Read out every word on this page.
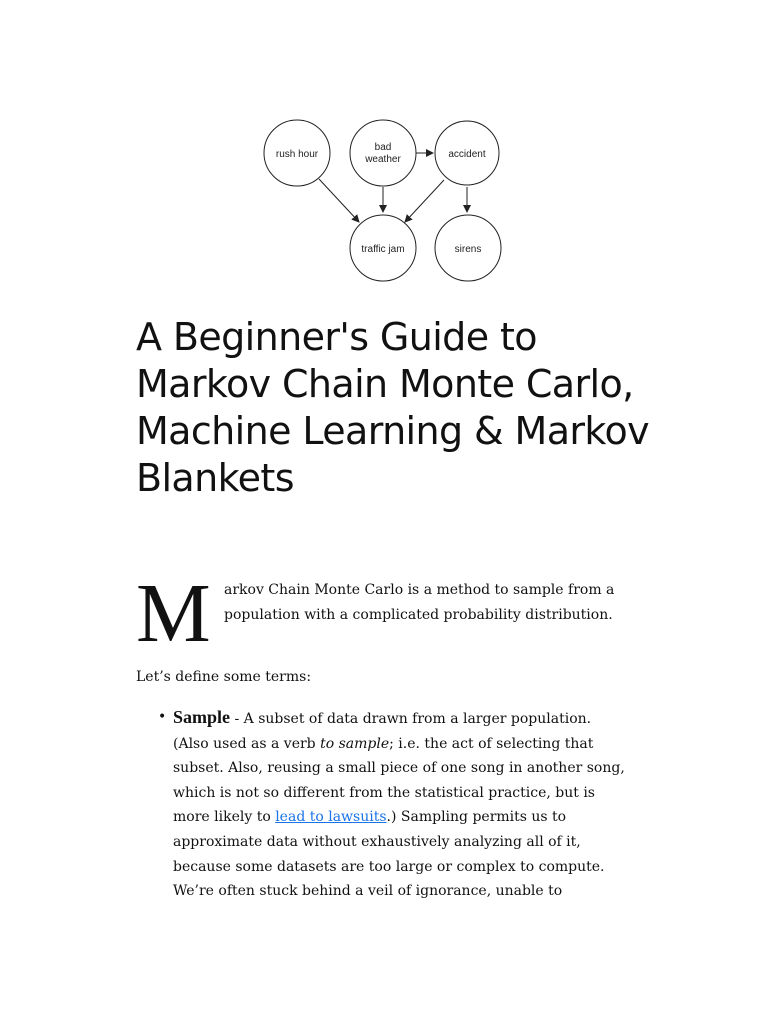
rush hour
bad
weather	accident
traffic jam	sirens
A Beginner's Guide to Markov Chain Monte Carlo, Machine Learning & Markov Blankets
M arkov Chain Monte Carlo is a method to sample from a population with a complicated probability distribution.

Let’s define some terms:

• Sample - A subset of data drawn from a larger population. (Also used as a verb to sample; i.e. the act of selecting that subset. Also, reusing a small piece of one song in another song, which is not so different from the statistical practice, but is more likely to lead to lawsuits.) Sampling permits us to approximate data without exhaustively analyzing all of it, because some datasets are too large or complex to compute. We’re often stuck behind a veil of ignorance, unable to
